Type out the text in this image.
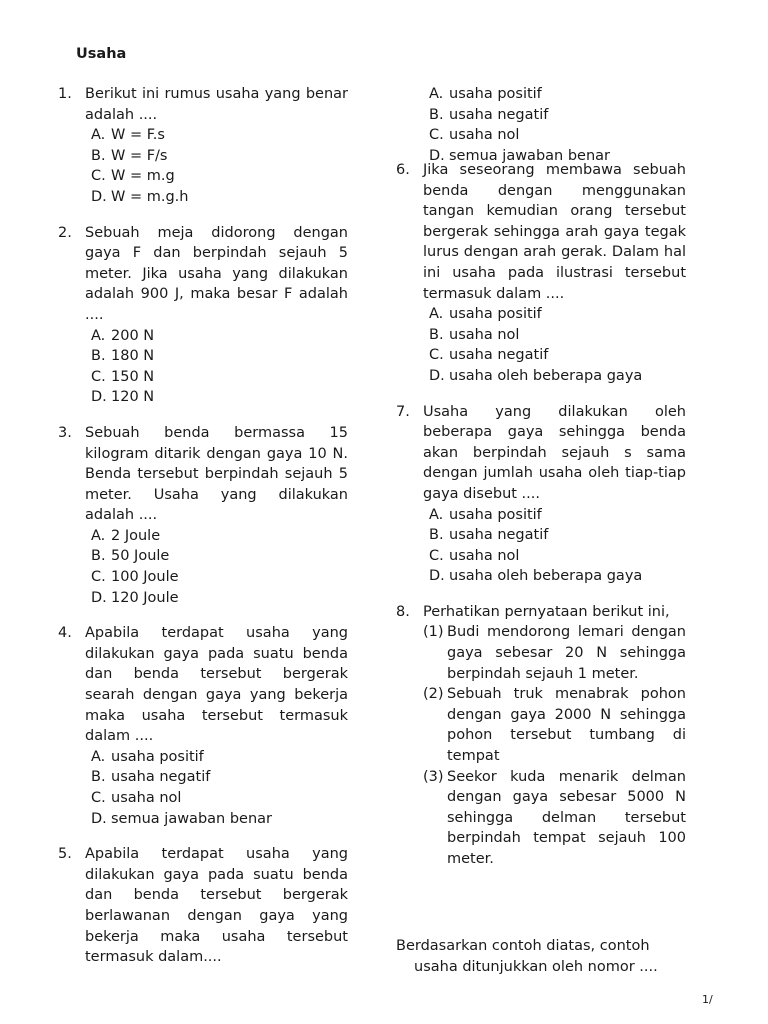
Usaha
A. usaha positif
B. usaha negatif
C. usaha nol
D. semua jawaban benar
1. Berikut ini rumus usaha yang benar adalah ....
A. W = F.s
B. W = F/s
C. W = m.g
D. W = m.g.h
2. Sebuah meja didorong dengan gaya F dan berpindah sejauh 5 meter. Jika usaha yang dilakukan adalah 900 J, maka besar F adalah ....
A. 200 N
B. 180 N
C. 150 N
D. 120 N
3. Sebuah benda bermassa 15 kilogram ditarik dengan gaya 10 N. Benda tersebut berpindah sejauh 5 meter. Usaha yang dilakukan adalah ....
A. 2 Joule
B. 50 Joule
C. 100 Joule
D. 120 Joule
4. Apabila terdapat usaha yang dilakukan gaya pada suatu benda dan benda tersebut bergerak searah dengan gaya yang bekerja maka usaha tersebut termasuk dalam ....
A. usaha positif
B. usaha negatif
C. usaha nol
D. semua jawaban benar
5. Apabila terdapat usaha yang dilakukan gaya pada suatu benda dan benda tersebut bergerak berlawanan dengan gaya yang bekerja maka usaha tersebut termasuk dalam....
6. Jika seseorang membawa sebuah benda dengan menggunakan tangan kemudian orang tersebut bergerak sehingga arah gaya tegak lurus dengan arah gerak. Dalam hal ini usaha pada ilustrasi tersebut termasuk dalam ....
A. usaha positif
B. usaha nol
C. usaha negatif
D. usaha oleh beberapa gaya
7. Usaha yang dilakukan oleh beberapa gaya sehingga benda akan berpindah sejauh s sama dengan jumlah usaha oleh tiap-tiap gaya disebut ....
A. usaha positif
B. usaha negatif
C. usaha nol
D. usaha oleh beberapa gaya
8. Perhatikan pernyataan berikut ini,
(1) Budi mendorong lemari dengan gaya sebesar 20 N sehingga berpindah sejauh 1 meter.
(2) Sebuah truk menabrak pohon dengan gaya 2000 N sehingga pohon tersebut tumbang di tempat
(3) Seekor kuda menarik delman dengan gaya sebesar 5000 N sehingga delman tersebut berpindah tempat sejauh 100 meter.
Berdasarkan contoh diatas, contoh
usaha ditunjukkan oleh nomor ....
1/
